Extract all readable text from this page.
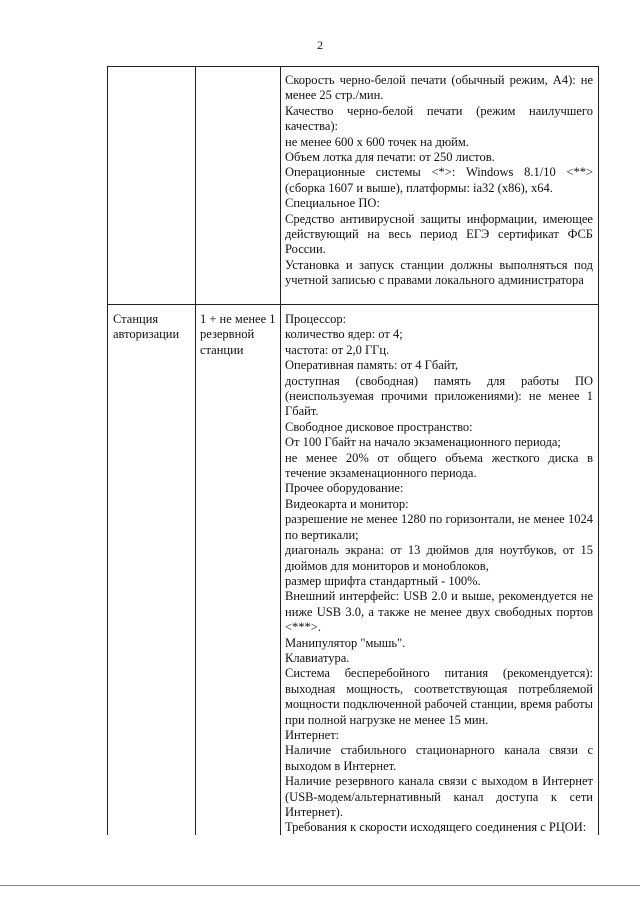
2

Скорость черно-белой печати (обычный режим, А4): не менее 25 стр./мин.

Качество черно-белой печати (режим наилучшего качества):

не менее 600 х 600 точек на дюйм.

Объем лотка для печати: от 250 листов.

Операционные системы <*>: Windows 8.1/10 <**> (сборка 1607 и выше), платформы: ia32 (x86), x64.

Специальное ПО:

Средство антивирусной защиты информации, имеющее действующий на весь период ЕГЭ сертификат ФСБ России.

Установка и запуск станции должны выполняться под учетной записью с правами локального администратора

Станция авторизации
1 + не менее 1 резервной станции

Процессор:

количество ядер: от 4;

частота: от 2,0 ГГц.

Оперативная память: от 4 Гбайт,

доступная (свободная) память для работы ПО (неиспользуемая прочими приложениями): не менее 1 Гбайт.

Свободное дисковое пространство:

От 100 Гбайт на начало экзаменационного периода;

не менее 20% от общего объема жесткого диска в течение экзаменационного периода.

Прочее оборудование:

Видеокарта и монитор:

разрешение не менее 1280 по горизонтали, не менее 1024 по вертикали;

диагональ экрана: от 13 дюймов для ноутбуков, от 15 дюймов для мониторов и моноблоков,

размер шрифта стандартный - 100%.

Внешний интерфейс: USB 2.0 и выше, рекомендуется не ниже USB 3.0, а также не менее двух свободных портов <***>.

Манипулятор "мышь".

Клавиатура.

Система бесперебойного питания (рекомендуется): выходная мощность, соответствующая потребляемой мощности подключенной рабочей станции, время работы при полной нагрузке не менее 15 мин.

Интернет:

Наличие стабильного стационарного канала связи с выходом в Интернет.

Наличие резервного канала связи с выходом в Интернет (USB-модем/альтернативный канал доступа к сети Интернет).

Требования к скорости исходящего соединения с РЦОИ:
